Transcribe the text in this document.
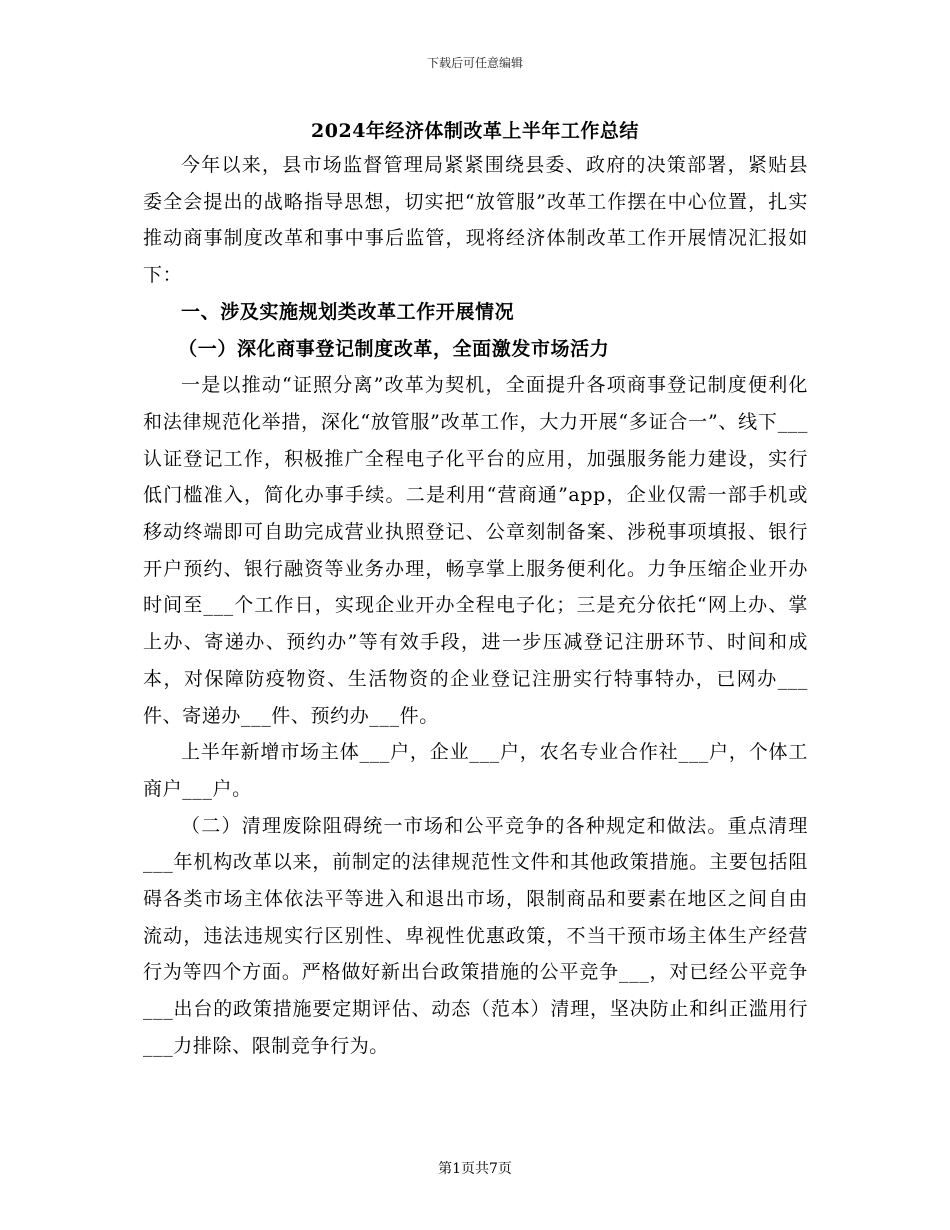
下载后可任意编辑
2024年经济体制改革上半年工作总结

今年以来，县市场监督管理局紧紧围绕县委、政府的决策部署，紧贴县委全会提出的战略指导思想，切实把“放管服”改革工作摆在中心位置，扎实推动商事制度改革和事中事后监管，现将经济体制改革工作开展情况汇报如下：

一、涉及实施规划类改革工作开展情况

（一）深化商事登记制度改革，全面激发市场活力

一是以推动“证照分离”改革为契机，全面提升各项商事登记制度便利化和法律规范化举措，深化“放管服”改革工作，大力开展“多证合一”、线下___认证登记工作，积极推广全程电子化平台的应用，加强服务能力建设，实行低门槛准入，简化办事手续。二是利用“营商通”app，企业仅需一部手机或移动终端即可自助完成营业执照登记、公章刻制备案、涉税事项填报、银行开户预约、银行融资等业务办理，畅享掌上服务便利化。力争压缩企业开办时间至___个工作日，实现企业开办全程电子化；三是充分依托“网上办、掌上办、寄递办、预约办”等有效手段，进一步压减登记注册环节、时间和成本，对保障防疫物资、生活物资的企业登记注册实行特事特办，已网办___件、寄递办___件、预约办___件。

上半年新增市场主体___户，企业___户，农名专业合作社___户，个体工商户___户。

（二）清理废除阻碍统一市场和公平竞争的各种规定和做法。重点清理___年机构改革以来，前制定的法律规范性文件和其他政策措施。主要包括阻碍各类市场主体依法平等进入和退出市场，限制商品和要素在地区之间自由流动，违法违规实行区别性、卑视性优惠政策，不当干预市场主体生产经营行为等四个方面。严格做好新出台政策措施的公平竞争___，对已经公平竞争___出台的政策措施要定期评估、动态（范本）清理，坚决防止和纠正滥用行___力排除、限制竞争行为。

第1页共7页
